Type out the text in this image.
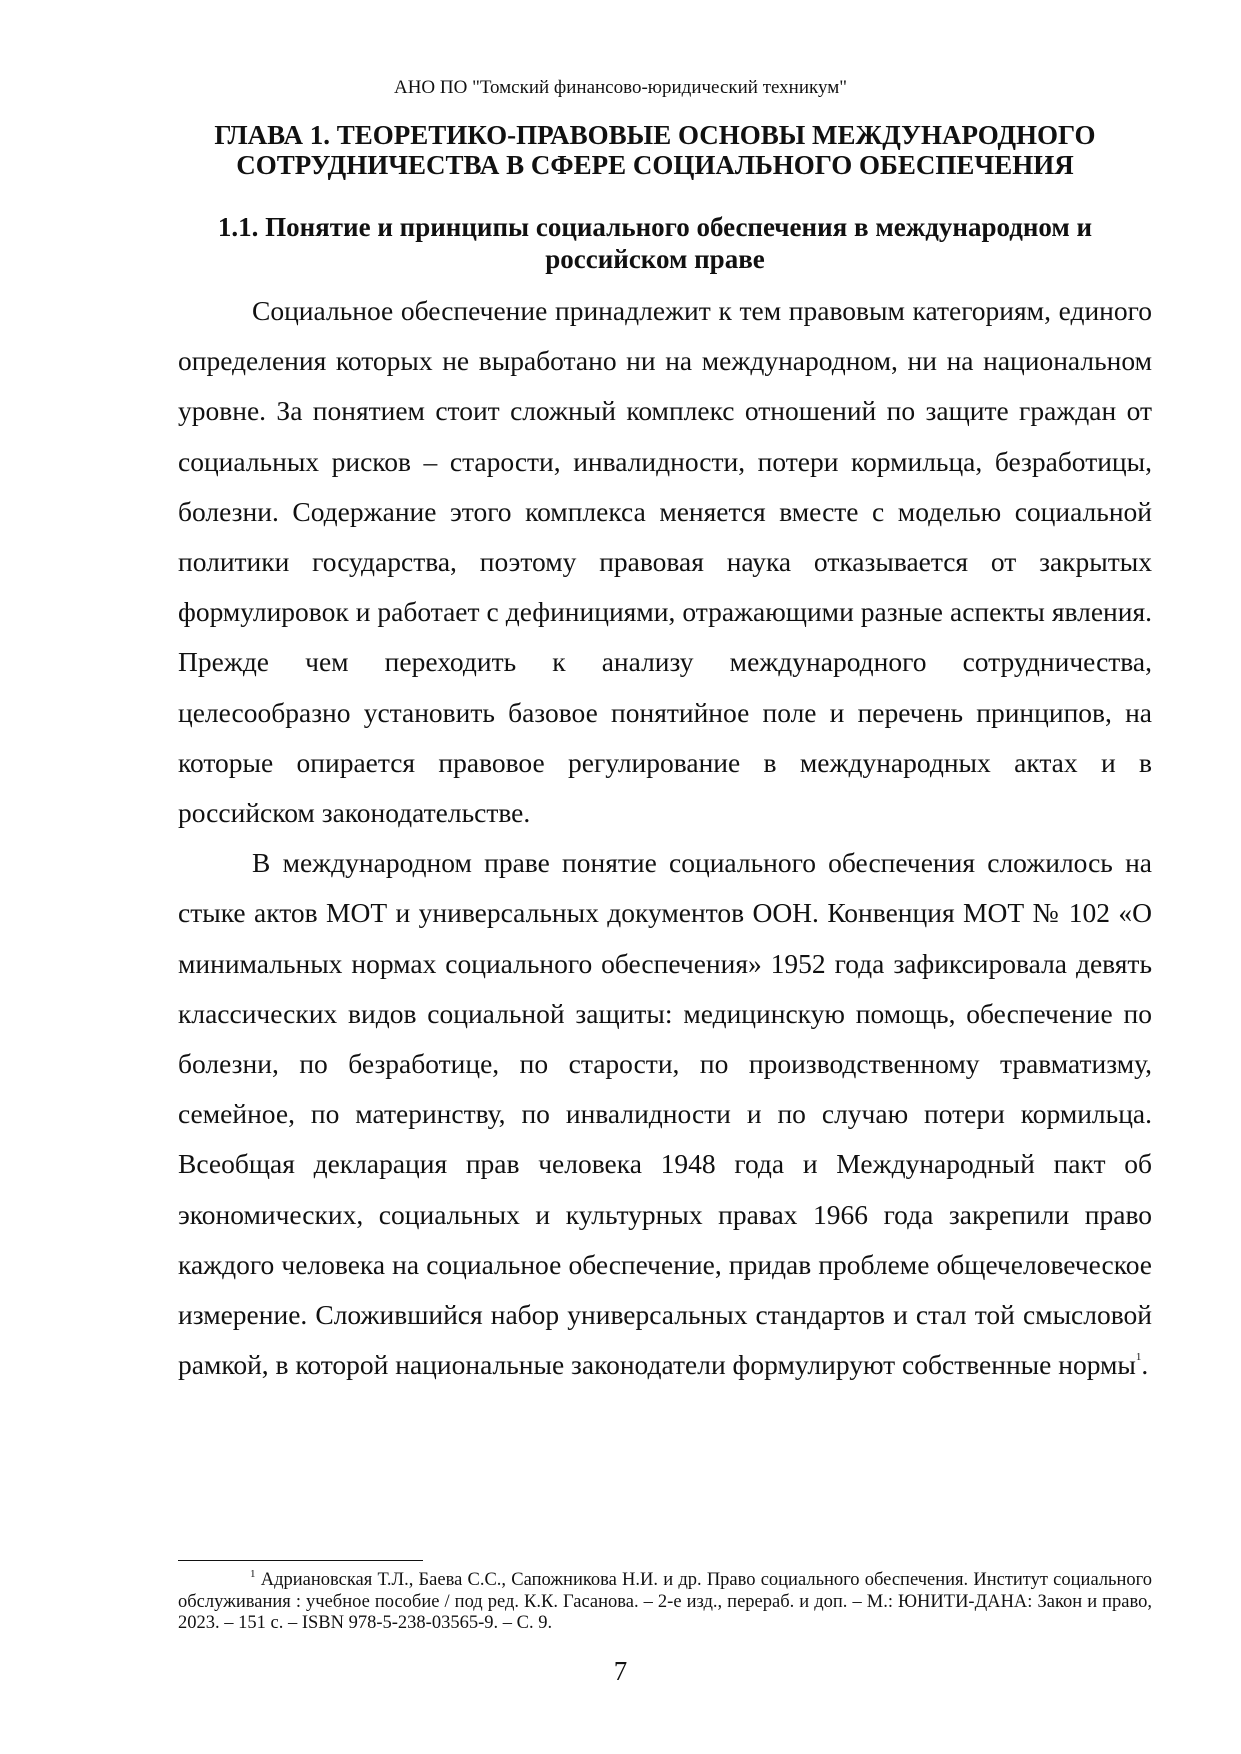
АНО ПО "Томский финансово-юридический техникум"
ГЛАВА 1. ТЕОРЕТИКО-ПРАВОВЫЕ ОСНОВЫ МЕЖДУНАРОДНОГО
СОТРУДНИЧЕСТВА В СФЕРЕ СОЦИАЛЬНОГО ОБЕСПЕЧЕНИЯ
1.1. Понятие и принципы социального обеспечения в международном и
российском праве

Социальное обеспечение принадлежит к тем правовым категориям, единого определения которых не выработано ни на международном, ни на национальном уровне. За понятием стоит сложный комплекс отношений по защите граждан от социальных рисков – старости, инвалидности, потери кормильца, безработицы, болезни. Содержание этого комплекса меняется вместе с моделью социальной политики государства, поэтому правовая наука отказывается от закрытых формулировок и работает с дефинициями, отражающими разные аспекты явления. Прежде чем переходить к анализу международного сотрудничества, целесообразно установить базовое понятийное поле и перечень принципов, на которые опирается правовое регулирование в международных актах и в российском законодательстве.

В международном праве понятие социального обеспечения сложилось на стыке актов МОТ и универсальных документов ООН. Конвенция МОТ № 102 «О минимальных нормах социального обеспечения» 1952 года зафиксировала девять классических видов социальной защиты: медицинскую помощь, обеспечение по болезни, по безработице, по старости, по производственному травматизму, семейное, по материнству, по инвалидности и по случаю потери кормильца. Всеобщая декларация прав человека 1948 года и Международный пакт об экономических, социальных и культурных правах 1966 года закрепили право каждого человека на социальное обеспечение, придав проблеме общечеловеческое измерение. Сложившийся набор универсальных стандартов и стал той смысловой рамкой, в которой национальные законодатели формулируют собственные нормы$^1$.

$^1$ Адриановская Т.Л., Баева С.С., Сапожникова Н.И. и др. Право социального обеспечения. Институт социального обслуживания : учебное пособие / под ред. К.К. Гасанова. – 2-е изд., перераб. и доп. – М.: ЮНИТИ-ДАНА: Закон и право, 2023. – 151 с. – ISBN 978-5-238-03565-9. – С. 9.

7
